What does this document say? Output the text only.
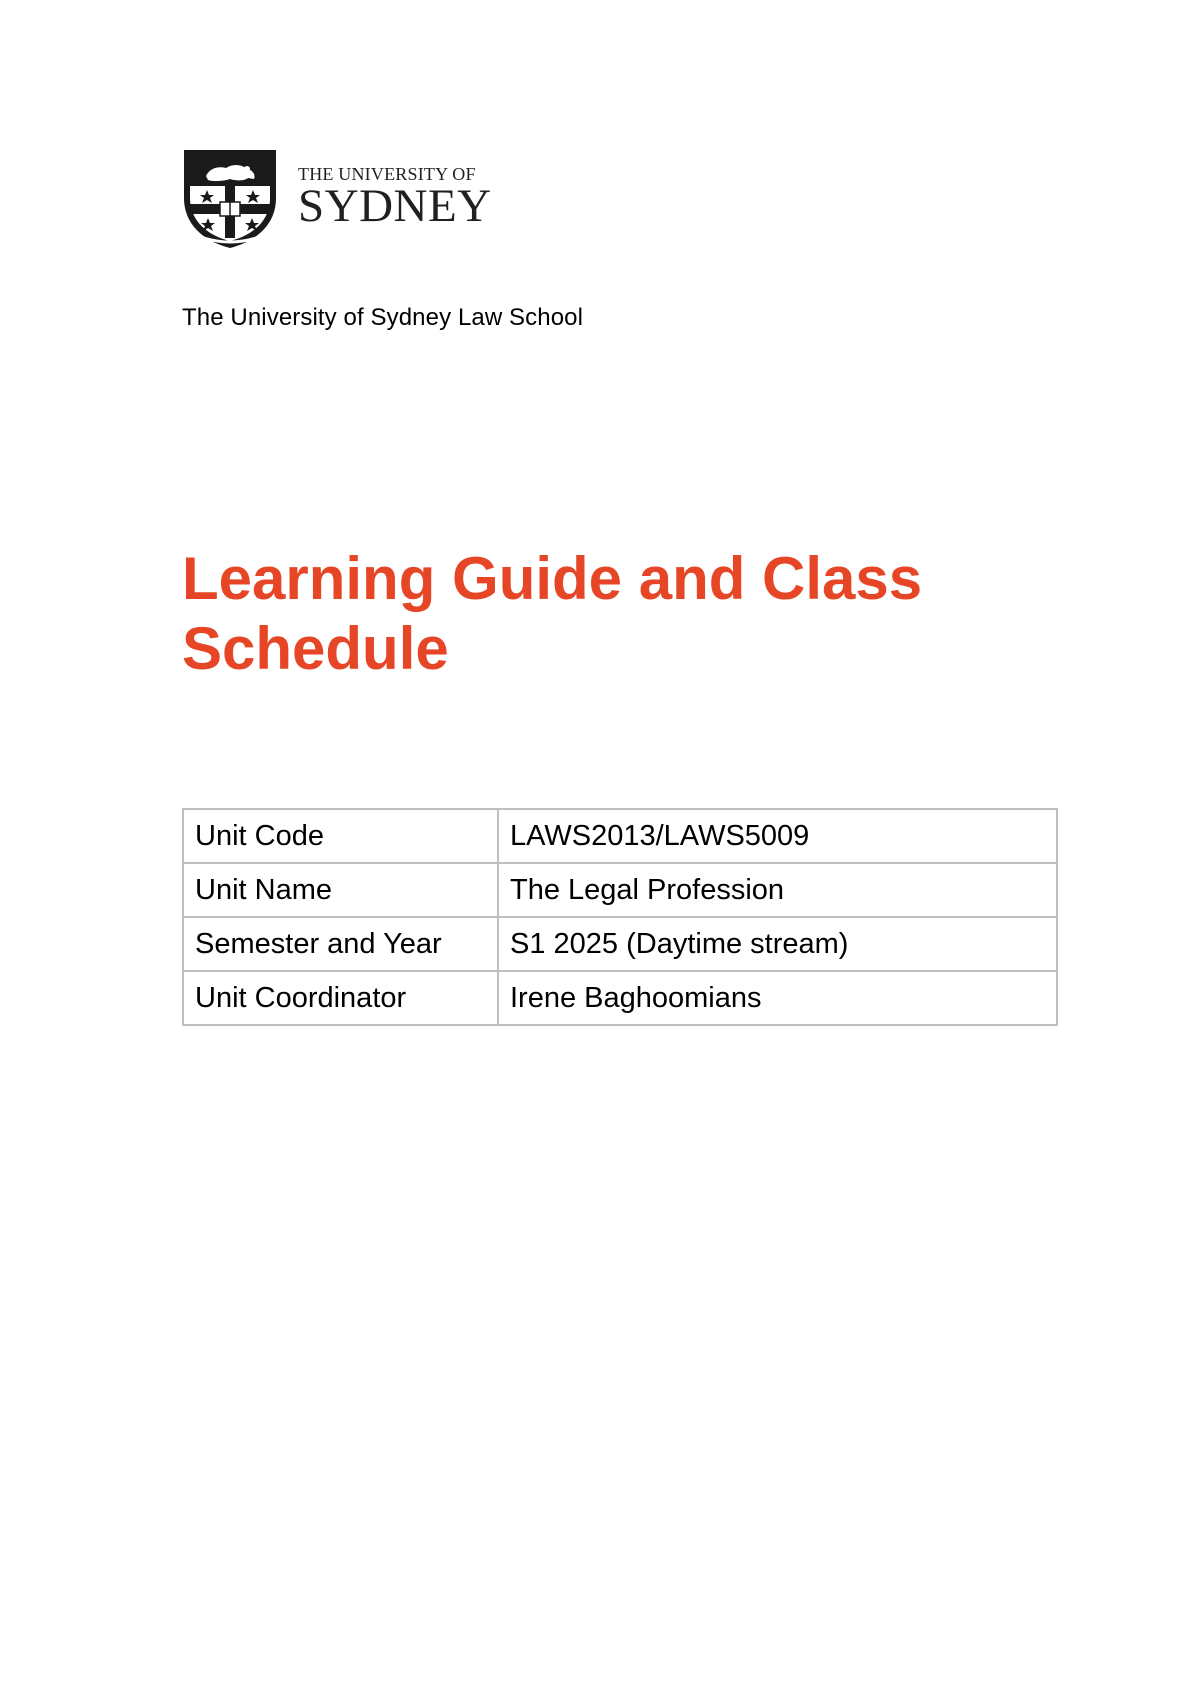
THE UNIVERSITY OF
SYDNEY
The University of Sydney Law School
Learning Guide and Class Schedule
Unit Code	LAWS2013/LAWS5009
Unit Name	The Legal Profession
Semester and Year	S1 2025 (Daytime stream)
Unit Coordinator	Irene Baghoomians
